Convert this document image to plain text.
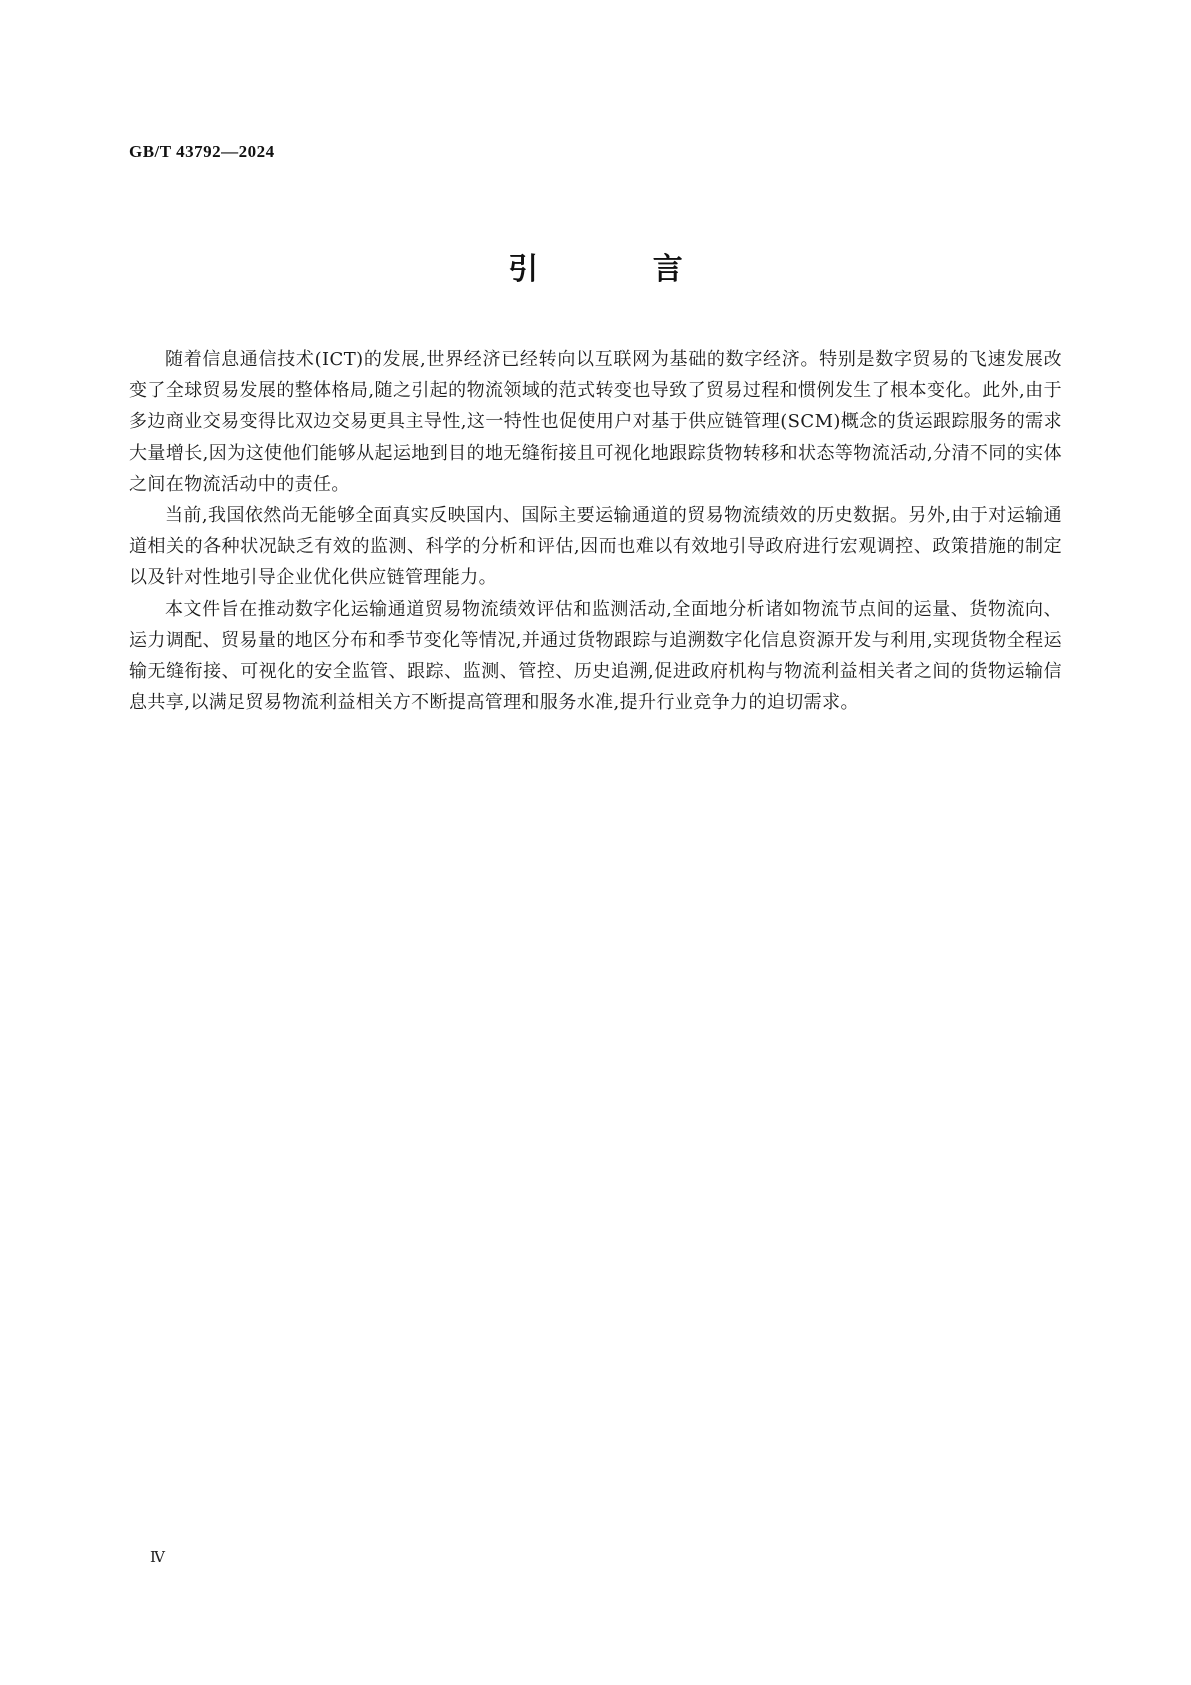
GB/T 43792—2024
引 言

随着信息通信技术(ICT)的发展,世界经济已经转向以互联网为基础的数字经济。特别是数字贸易的飞速发展改变了全球贸易发展的整体格局,随之引起的物流领域的范式转变也导致了贸易过程和惯例发生了根本变化。此外,由于多边商业交易变得比双边交易更具主导性,这一特性也促使用户对基于供应链管理(SCM)概念的货运跟踪服务的需求大量增长,因为这使他们能够从起运地到目的地无缝衔接且可视化地跟踪货物转移和状态等物流活动,分清不同的实体之间在物流活动中的责任。

当前,我国依然尚无能够全面真实反映国内、国际主要运输通道的贸易物流绩效的历史数据。另外,由于对运输通道相关的各种状况缺乏有效的监测、科学的分析和评估,因而也难以有效地引导政府进行宏观调控、政策措施的制定以及针对性地引导企业优化供应链管理能力。

本文件旨在推动数字化运输通道贸易物流绩效评估和监测活动,全面地分析诸如物流节点间的运量、货物流向、运力调配、贸易量的地区分布和季节变化等情况,并通过货物跟踪与追溯数字化信息资源开发与利用,实现货物全程运输无缝衔接、可视化的安全监管、跟踪、监测、管控、历史追溯,促进政府机构与物流利益相关者之间的货物运输信息共享,以满足贸易物流利益相关方不断提高管理和服务水准,提升行业竞争力的迫切需求。

Ⅳ
